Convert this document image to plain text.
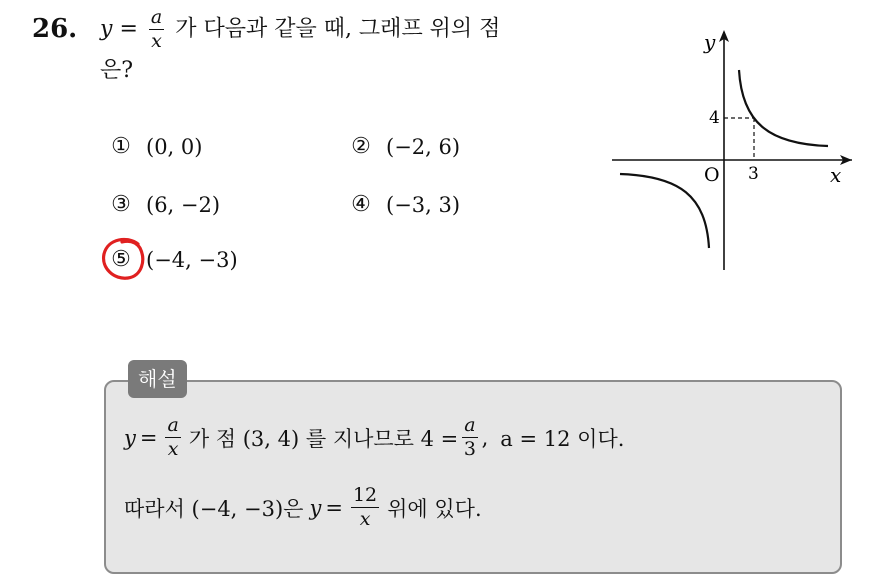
26. $y = \frac{a}{x}$ 가 다음과 같을 때, 그래프 위의 점
은?
① (0, 0)	② (−2, 6)
③ (6, −2)	④ (−3, 3)
⑤ (−4, −3)
y
x
O 3
4
해설
$y = \frac{a}{x}$ 가 점 (3, 4) 를 지나므로 $4 = \frac{a}{3}$ , a = 12 이다.
따라서 (−4, −3)은 $y = \frac{12}{x}$ 위에 있다.
